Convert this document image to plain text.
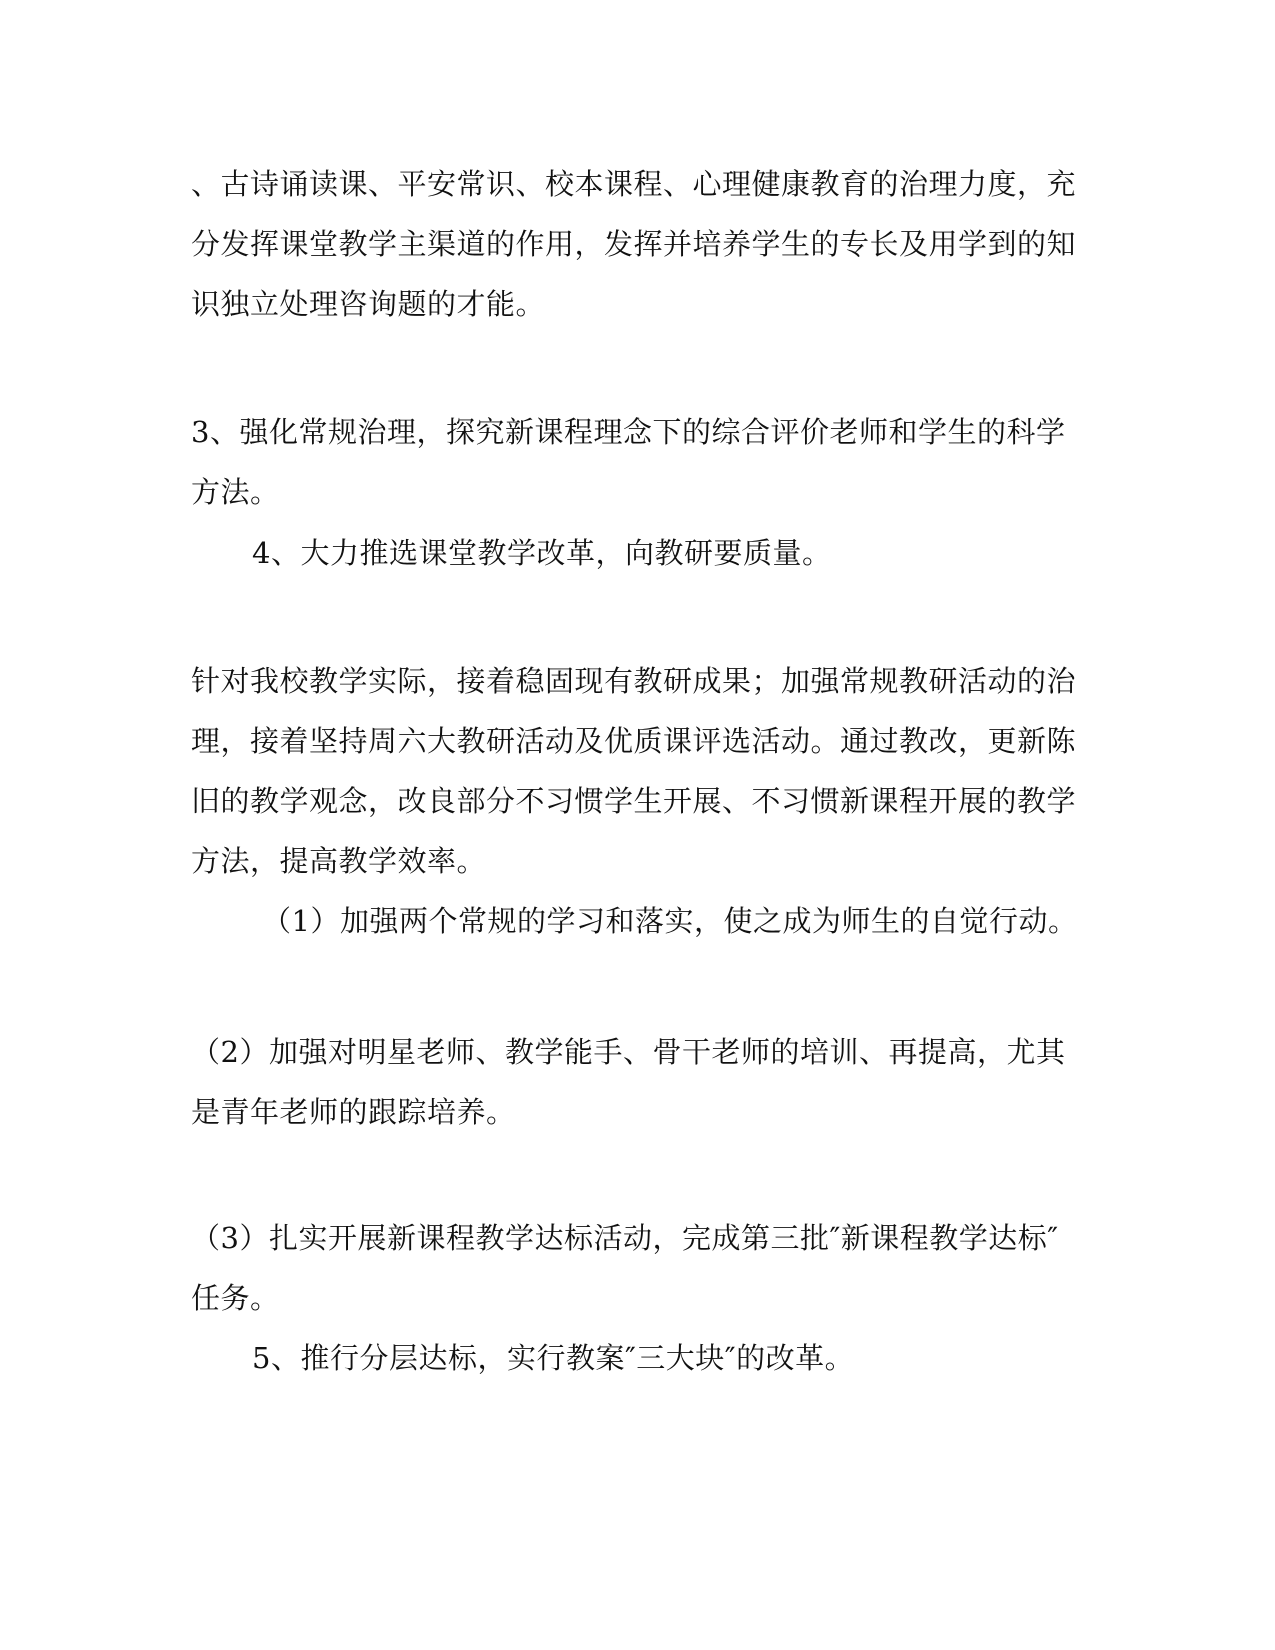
、古诗诵读课、平安常识、校本课程、心理健康教育的治理力度，充
分发挥课堂教学主渠道的作用，发挥并培养学生的专长及用学到的知
识独立处理咨询题的才能。
3、强化常规治理，探究新课程理念下的综合评价老师和学生的科学
方法。
4、大力推选课堂教学改革，向教研要质量。
针对我校教学实际，接着稳固现有教研成果；加强常规教研活动的治
理，接着坚持周六大教研活动及优质课评选活动。通过教改，更新陈
旧的教学观念，改良部分不习惯学生开展、不习惯新课程开展的教学
方法，提高教学效率。
（1）加强两个常规的学习和落实，使之成为师生的自觉行动。
（2）加强对明星老师、教学能手、骨干老师的培训、再提高，尤其
是青年老师的跟踪培养。
（3）扎实开展新课程教学达标活动，完成第三批″新课程教学达标″
任务。
5、推行分层达标，实行教案″三大块″的改革。
